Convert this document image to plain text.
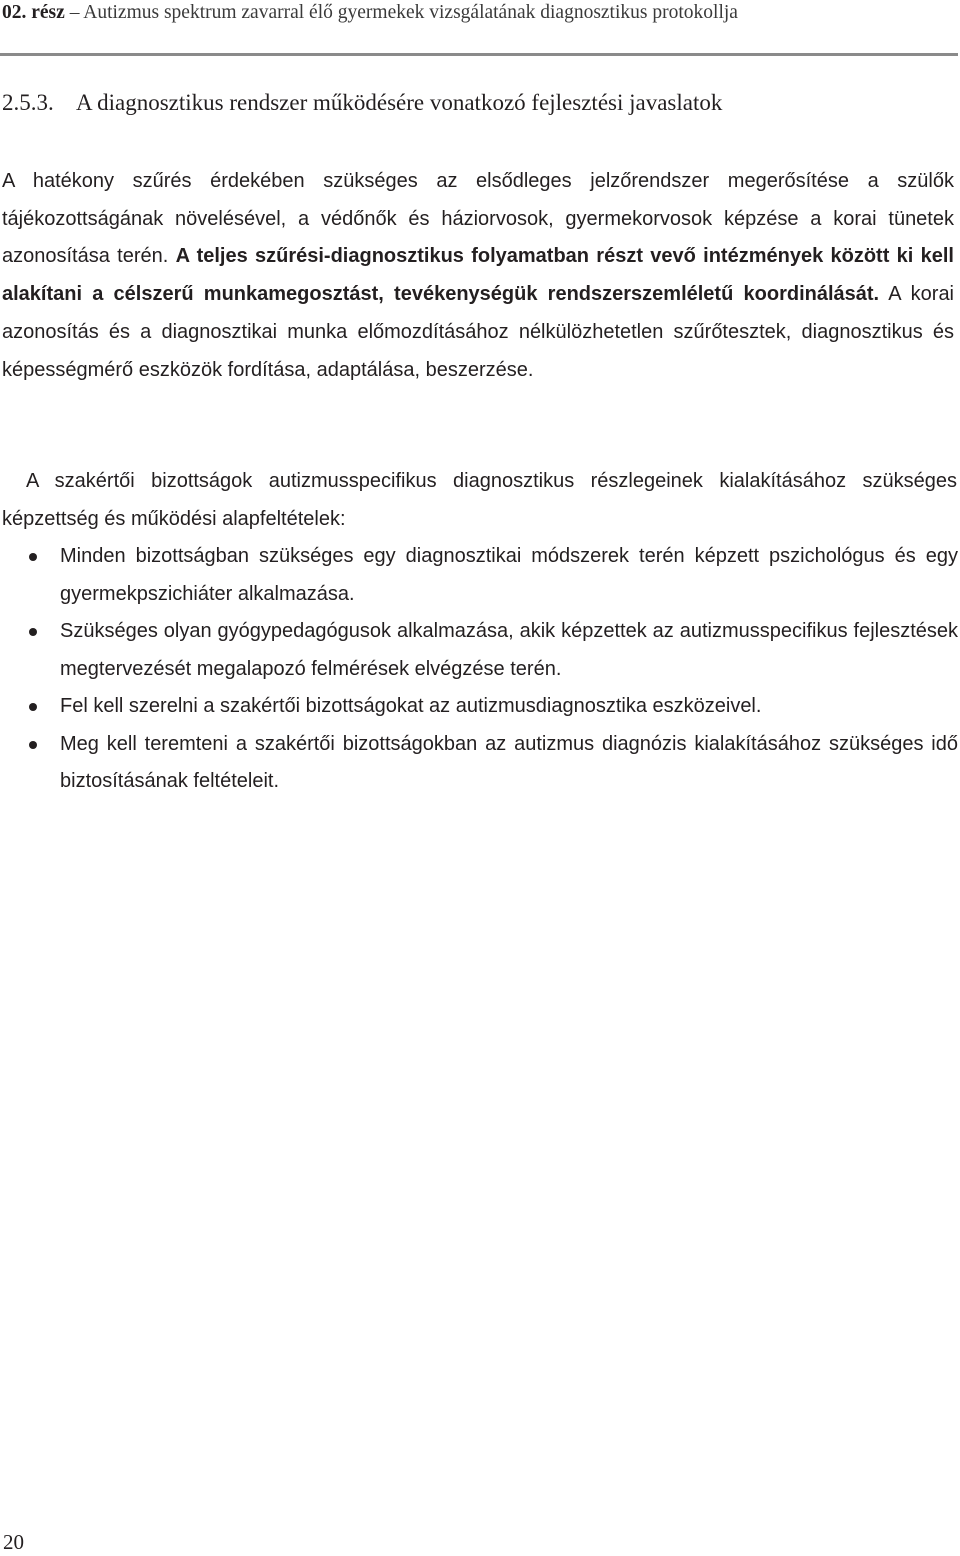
02. rész – Autizmus spektrum zavarral élő gyermekek vizsgálatának diagnosztikus protokollja
2.5.3. A diagnosztikus rendszer működésére vonatkozó fejlesztési javaslatok

A hatékony szűrés érdekében szükséges az elsődleges jelzőrendszer megerősítése a szülők tájékozottságának növelésével, a védőnők és háziorvosok, gyermekorvosok képzése a korai tünetek azonosítása terén. A teljes szűrési-diagnosztikus folyamatban részt vevő intézmények között ki kell alakítani a célszerű munkamegosztást, tevékenységük rendszerszemléletű koordinálását. A korai azonosítás és a diagnosztikai munka előmozdításához nélkülözhetetlen szűrőtesztek, diagnosztikus és képességmérő eszközök fordítása, adaptálása, beszerzése.

A szakértői bizottságok autizmusspecifikus diagnosztikus részlegeinek kialakításához szükséges képzettség és működési alapfeltételek:

Minden bizottságban szükséges egy diagnosztikai módszerek terén képzett pszichológus és egy gyermekpszichiáter alkalmazása.
Szükséges olyan gyógypedagógusok alkalmazása, akik képzettek az autizmusspecifikus fejlesztések megtervezését megalapozó felmérések elvégzése terén.
Fel kell szerelni a szakértői bizottságokat az autizmusdiagnosztika eszközeivel.
Meg kell teremteni a szakértői bizottságokban az autizmus diagnózis kialakításához szükséges idő biztosításának feltételeit.
20
